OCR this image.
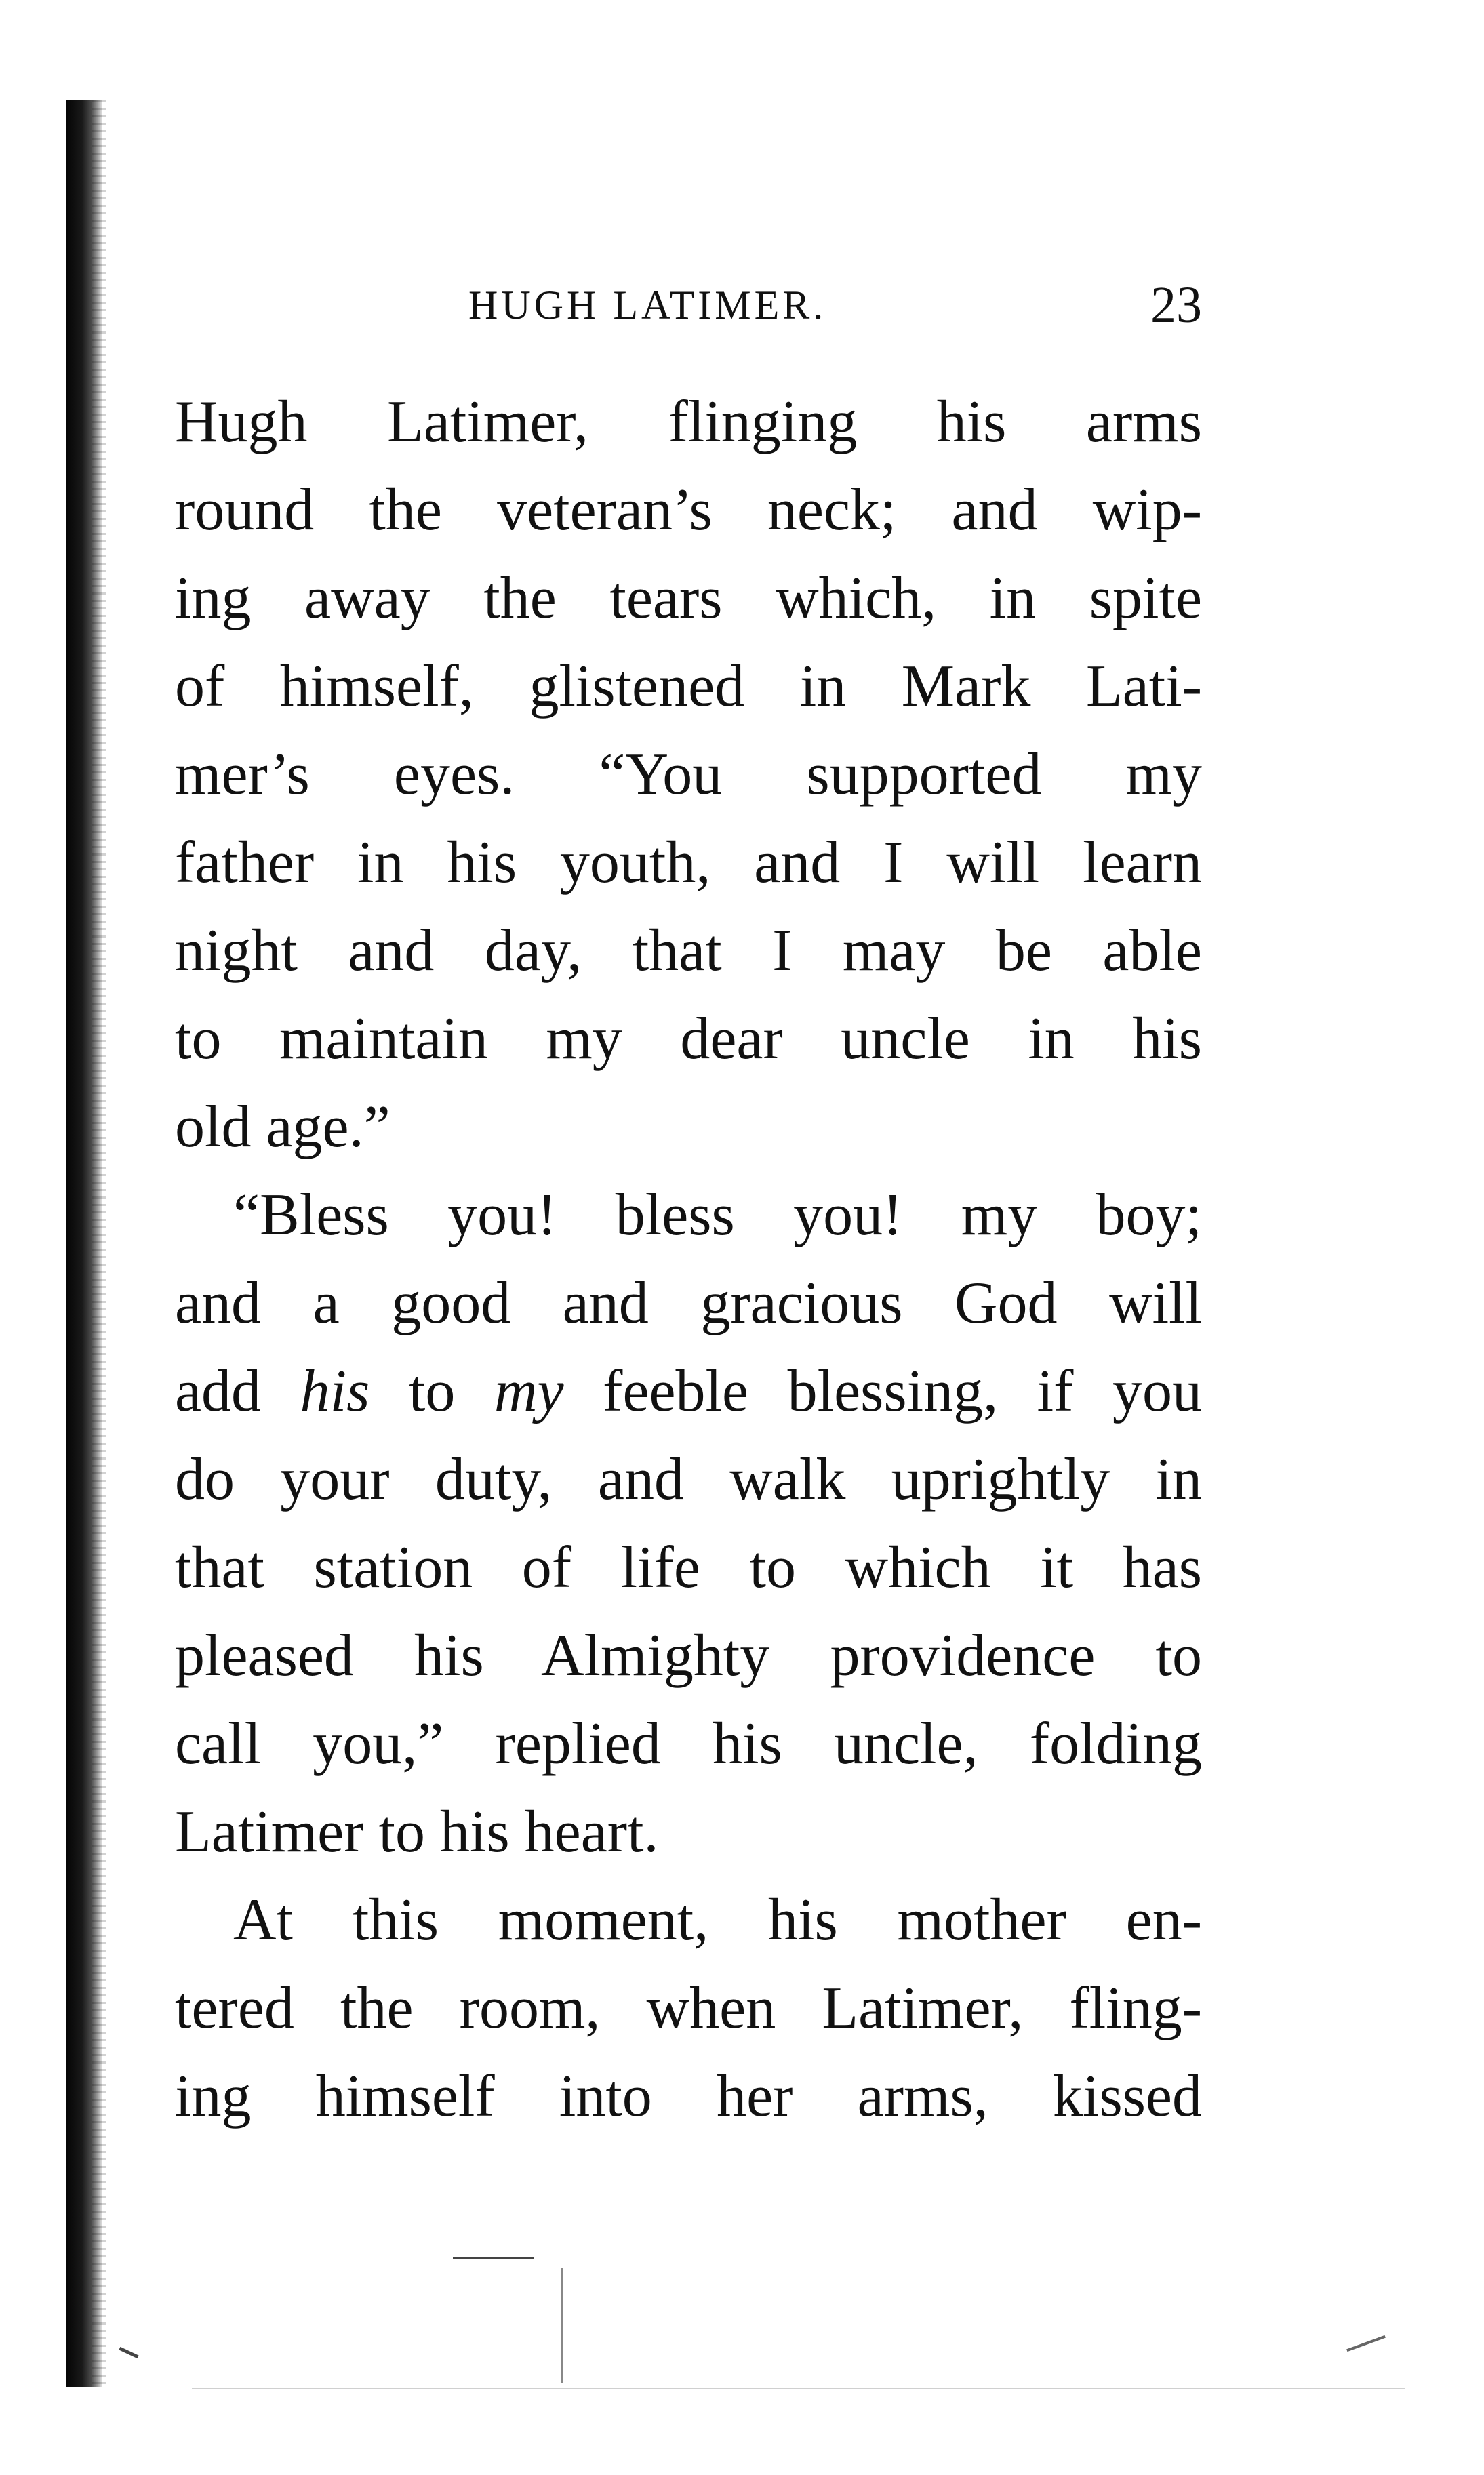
HUGH LATIMER.	23
Hugh Latimer, flinging his arms
round the veteran’s neck; and wip-
ing away the tears which, in spite
of himself, glistened in Mark Lati-
mer’s eyes. “You supported my
father in his youth, and I will learn
night and day, that I may be able
to maintain my dear uncle in his
old age.”
“Bless you! bless you! my boy;
and a good and gracious God will
add his to my feeble blessing, if you
do your duty, and walk uprightly in
that station of life to which it has
pleased his Almighty providence to
call you,” replied his uncle, folding
Latimer to his heart.
At this moment, his mother en-
tered the room, when Latimer, fling-
ing himself into her arms, kissed
